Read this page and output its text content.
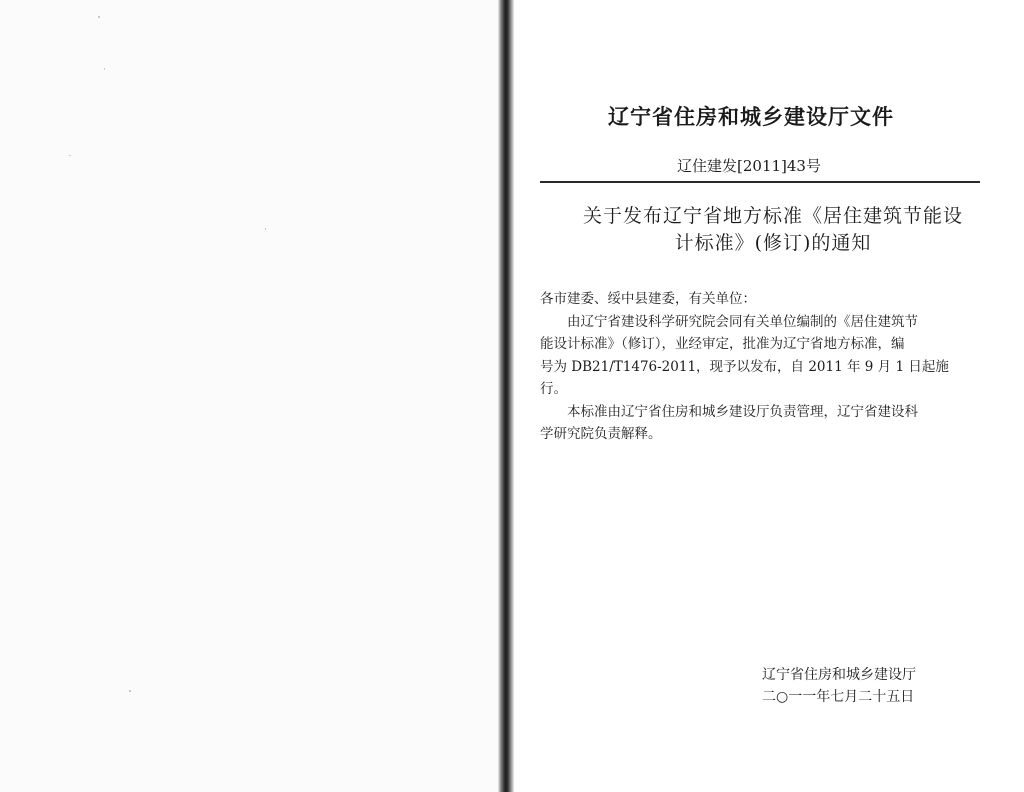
辽宁省住房和城乡建设厅文件
辽住建发[2011]43号
关于发布辽宁省地方标准《居住建筑节能设
计标准》(修订)的通知
各市建委、绥中县建委，有关单位：
由辽宁省建设科学研究院会同有关单位编制的《居住建筑节
能设计标准》（修订），业经审定，批准为辽宁省地方标准，编
号为 DB21/T1476-2011，现予以发布，自 2011 年 9 月 1 日起施
行。
本标准由辽宁省住房和城乡建设厅负责管理，辽宁省建设科
学研究院负责解释。
辽宁省住房和城乡建设厅
二○一一年七月二十五日
